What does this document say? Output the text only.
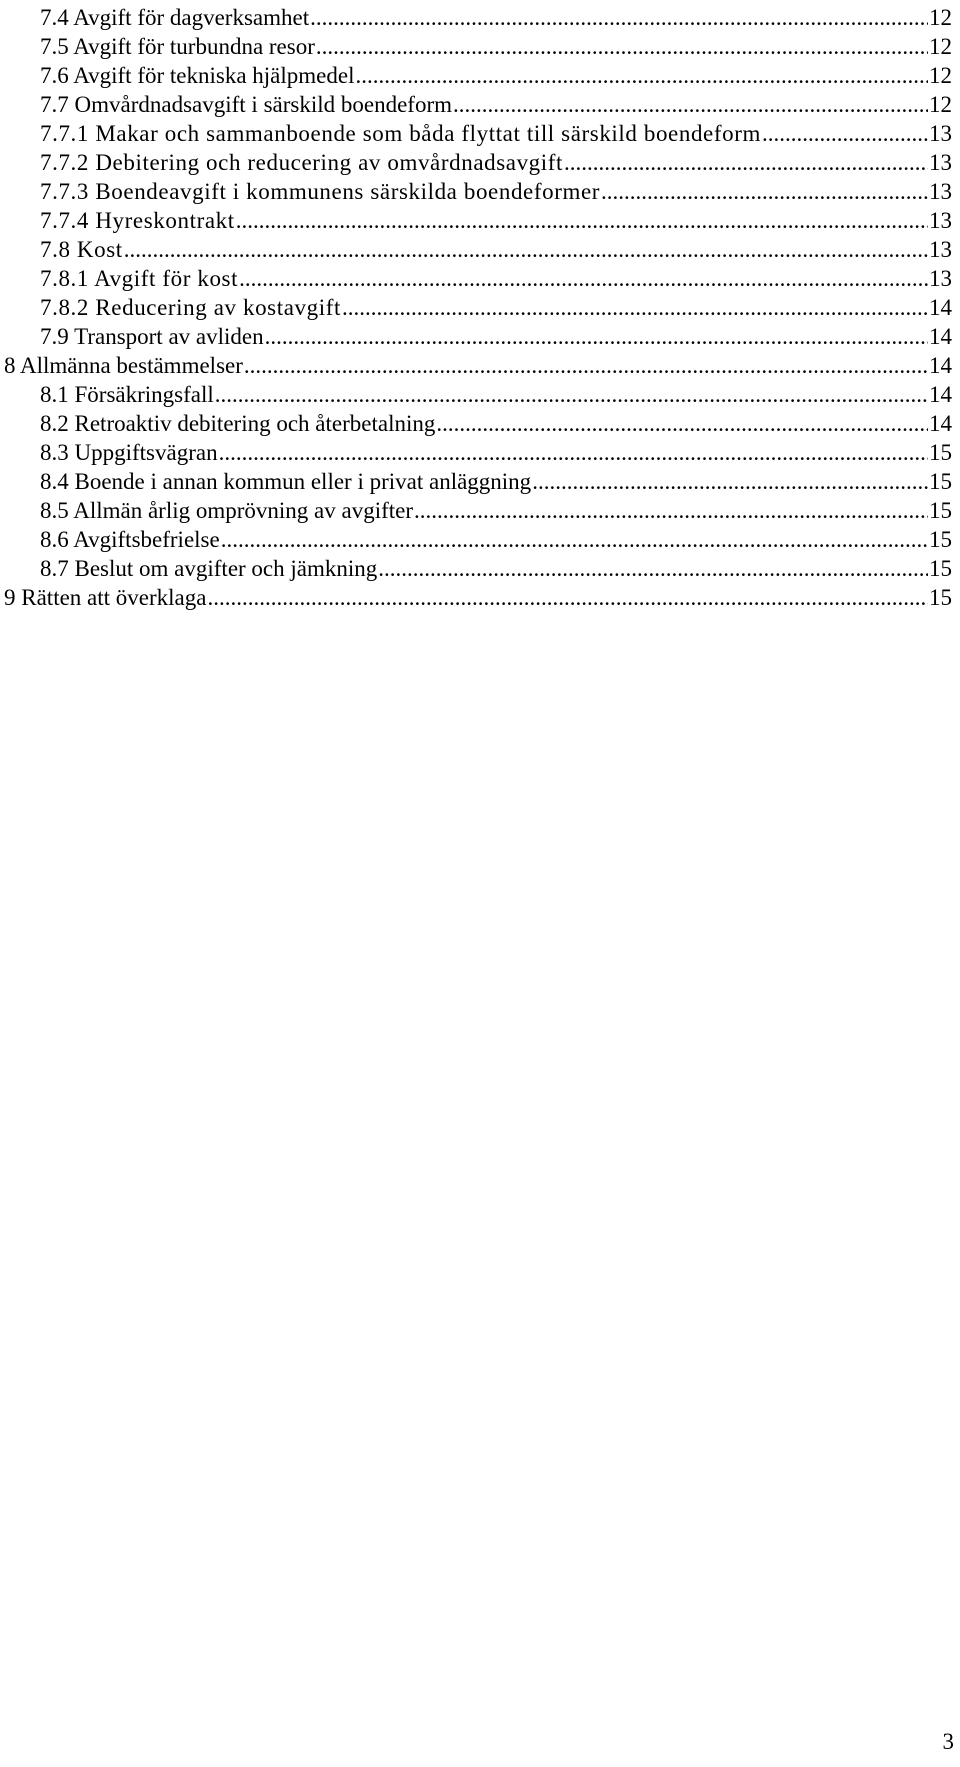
7.4 Avgift för dagverksamhet .....	12
7.5 Avgift för turbundna resor .....	12
7.6 Avgift för tekniska hjälpmedel .....	12
7.7 Omvårdnadsavgift i särskild boendeform .....	12
7.7.1 Makar och sammanboende som båda flyttat till särskild boendeform .....	13
7.7.2 Debitering och reducering av omvårdnadsavgift .....	13
7.7.3 Boendeavgift i kommunens särskilda boendeformer .....	13
7.7.4 Hyreskontrakt .....	13
7.8 Kost .....	13
7.8.1 Avgift för kost .....	13
7.8.2 Reducering av kostavgift .....	14
7.9 Transport av avliden .....	14
8 Allmänna bestämmelser .....	14
8.1 Försäkringsfall .....	14
8.2 Retroaktiv debitering och återbetalning .....	14
8.3 Uppgiftsvägran .....	15
8.4 Boende i annan kommun eller i privat anläggning .....	15
8.5 Allmän årlig omprövning av avgifter .....	15
8.6 Avgiftsbefrielse .....	15
8.7 Beslut om avgifter och jämkning .....	15
9 Rätten att överklaga .....	15
3
